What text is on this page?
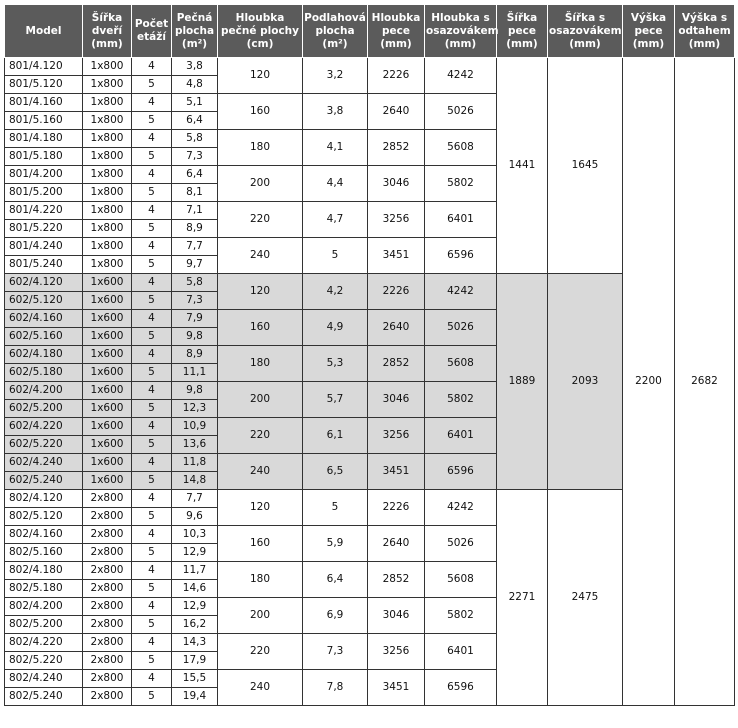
Model	Šířka dveří (mm)	Počet etáží	Pečná plocha (m²)	Hloubka pečné plochy (cm)	Podlahová plocha (m²)	Hloubka pece (mm)	Hloubka s osazovákem (mm)	Šířka pece (mm)	Šířka s osazovákem (mm)	Výška pece (mm)	Výška s odtahem (mm)
801/4.120	1x800	4	3,8	120	3,2	2226	4242	1441	1645	2200	2682
801/5.120	1x800	5	4,8								
801/4.160	1x800	4	5,1	160	3,8	2640	5026				
801/5.160	1x800	5	6,4								
801/4.180	1x800	4	5,8	180	4,1	2852	5608				
801/5.180	1x800	5	7,3								
801/4.200	1x800	4	6,4	200	4,4	3046	5802				
801/5.200	1x800	5	8,1								
801/4.220	1x800	4	7,1	220	4,7	3256	6401				
801/5.220	1x800	5	8,9								
801/4.240	1x800	4	7,7	240	5	3451	6596				
801/5.240	1x800	5	9,7								
602/4.120	1x600	4	5,8	120	4,2	2226	4242	1889	2093		
602/5.120	1x600	5	7,3								
602/4.160	1x600	4	7,9	160	4,9	2640	5026				
602/5.160	1x600	5	9,8								
602/4.180	1x600	4	8,9	180	5,3	2852	5608				
602/5.180	1x600	5	11,1								
602/4.200	1x600	4	9,8	200	5,7	3046	5802				
602/5.200	1x600	5	12,3								
602/4.220	1x600	4	10,9	220	6,1	3256	6401				
602/5.220	1x600	5	13,6								
602/4.240	1x600	4	11,8	240	6,5	3451	6596				
602/5.240	1x600	5	14,8								
802/4.120	2x800	4	7,7	120	5	2226	4242	2271	2475		
802/5.120	2x800	5	9,6								
802/4.160	2x800	4	10,3	160	5,9	2640	5026				
802/5.160	2x800	5	12,9								
802/4.180	2x800	4	11,7	180	6,4	2852	5608				
802/5.180	2x800	5	14,6								
802/4.200	2x800	4	12,9	200	6,9	3046	5802				
802/5.200	2x800	5	16,2								
802/4.220	2x800	4	14,3	220	7,3	3256	6401				
802/5.220	2x800	5	17,9								
802/4.240	2x800	4	15,5	240	7,8	3451	6596				
802/5.240	2x800	5	19,4								
